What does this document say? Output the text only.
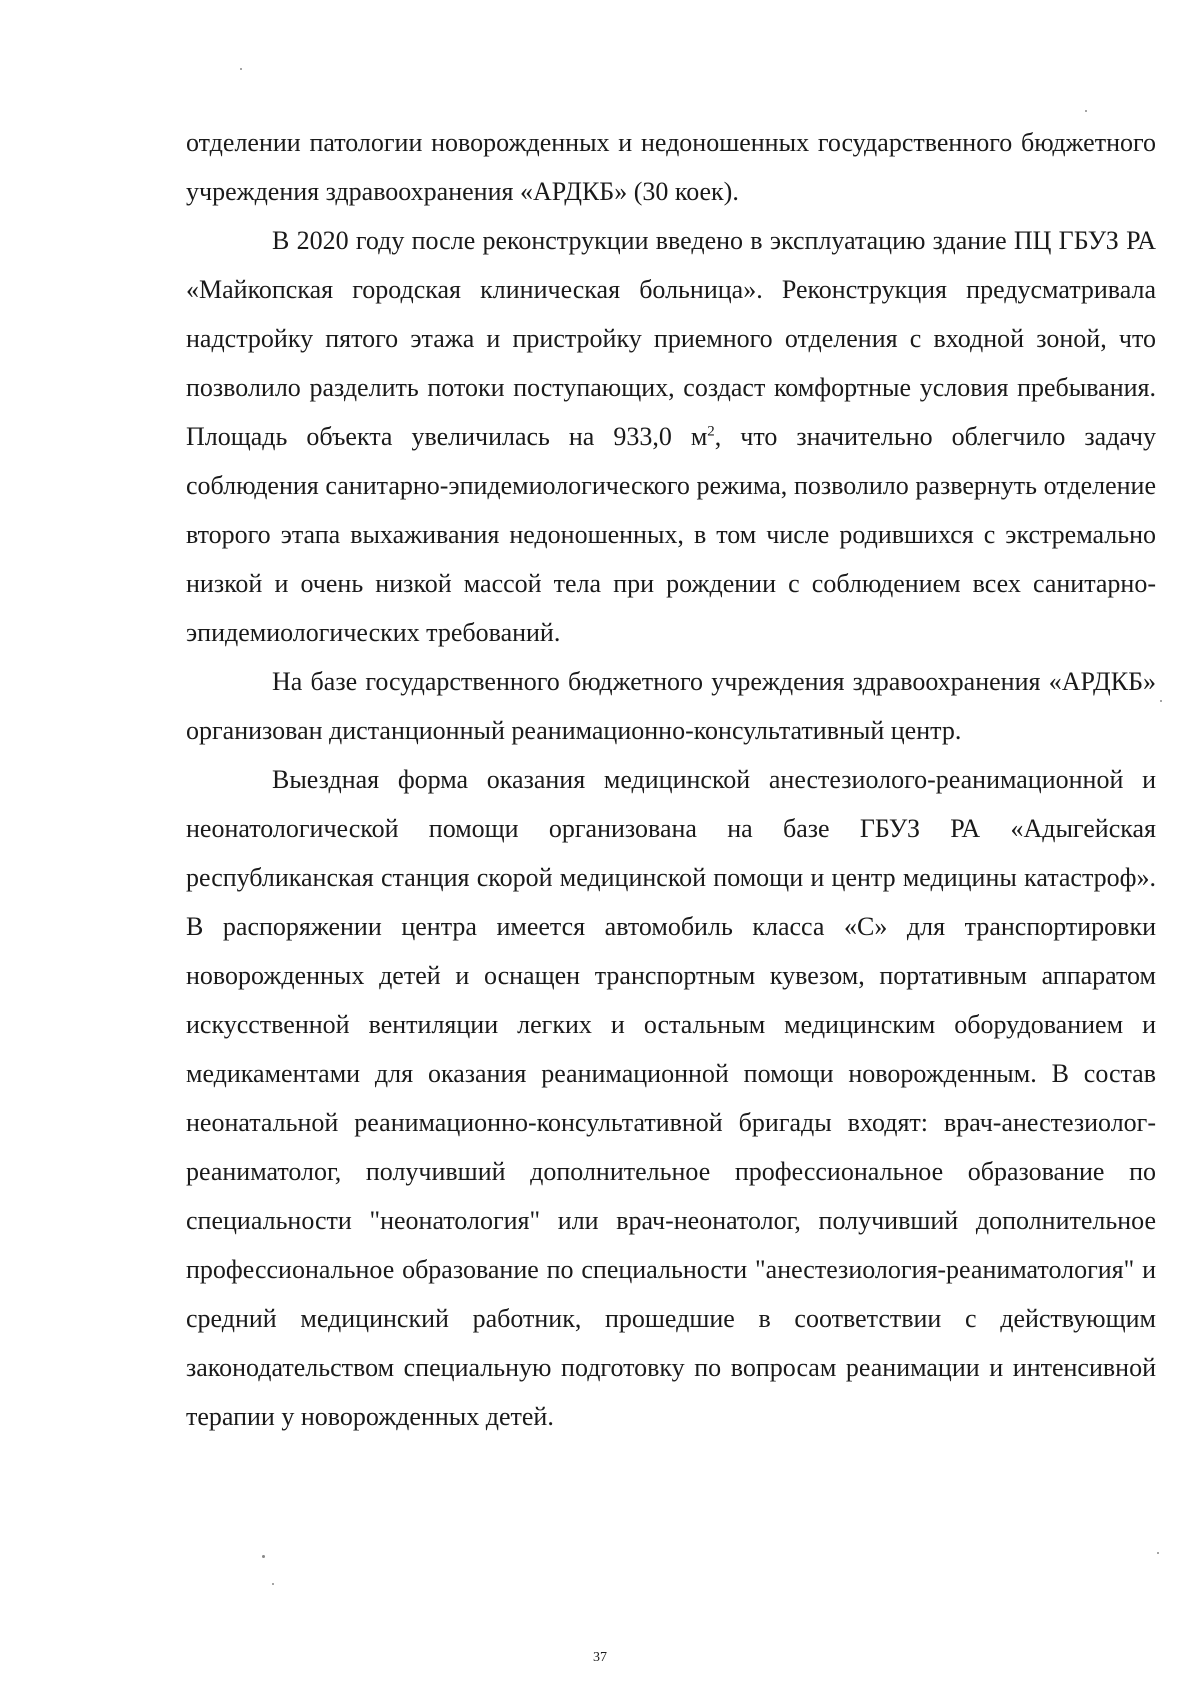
отделении патологии новорожденных и недоношенных государственного бюджетного учреждения здравоохранения «АРДКБ» (30 коек).

В 2020 году после реконструкции введено в эксплуатацию здание ПЦ ГБУЗ РА «Майкопская городская клиническая больница». Реконструкция предусматривала надстройку пятого этажа и пристройку приемного отделения с входной зоной, что позволило разделить потоки поступающих, создаст комфортные условия пребывания. Площадь объекта увеличилась на 933,0 $м^2$, что значительно облегчило задачу соблюдения санитарно-эпидемиологического режима, позволило развернуть отделение второго этапа выхаживания недоношенных, в том числе родившихся с экстремально низкой и очень низкой массой тела при рождении с соблюдением всех санитарно-эпидемиологических требований.

На базе государственного бюджетного учреждения здравоохранения «АРДКБ» организован дистанционный реанимационно-консультативный центр.

Выездная форма оказания медицинской анестезиолого-реанимационной и неонатологической помощи организована на базе ГБУЗ РА «Адыгейская республиканская станция скорой медицинской помощи и центр медицины катастроф». В распоряжении центра имеется автомобиль класса «С» для транспортировки новорожденных детей и оснащен транспортным кувезом, портативным аппаратом искусственной вентиляции легких и остальным медицинским оборудованием и медикаментами для оказания реанимационной помощи новорожденным. В состав неонатальной реанимационно-консультативной бригады входят: врач-анестезиолог-реаниматолог, получивший дополнительное профессиональное образование по специальности "неонатология" или врач-неонатолог, получивший дополнительное профессиональное образование по специальности "анестезиология-реаниматология" и средний медицинский работник, прошедшие в соответствии с действующим законодательством специальную подготовку по вопросам реанимации и интенсивной терапии у новорожденных детей.

37
